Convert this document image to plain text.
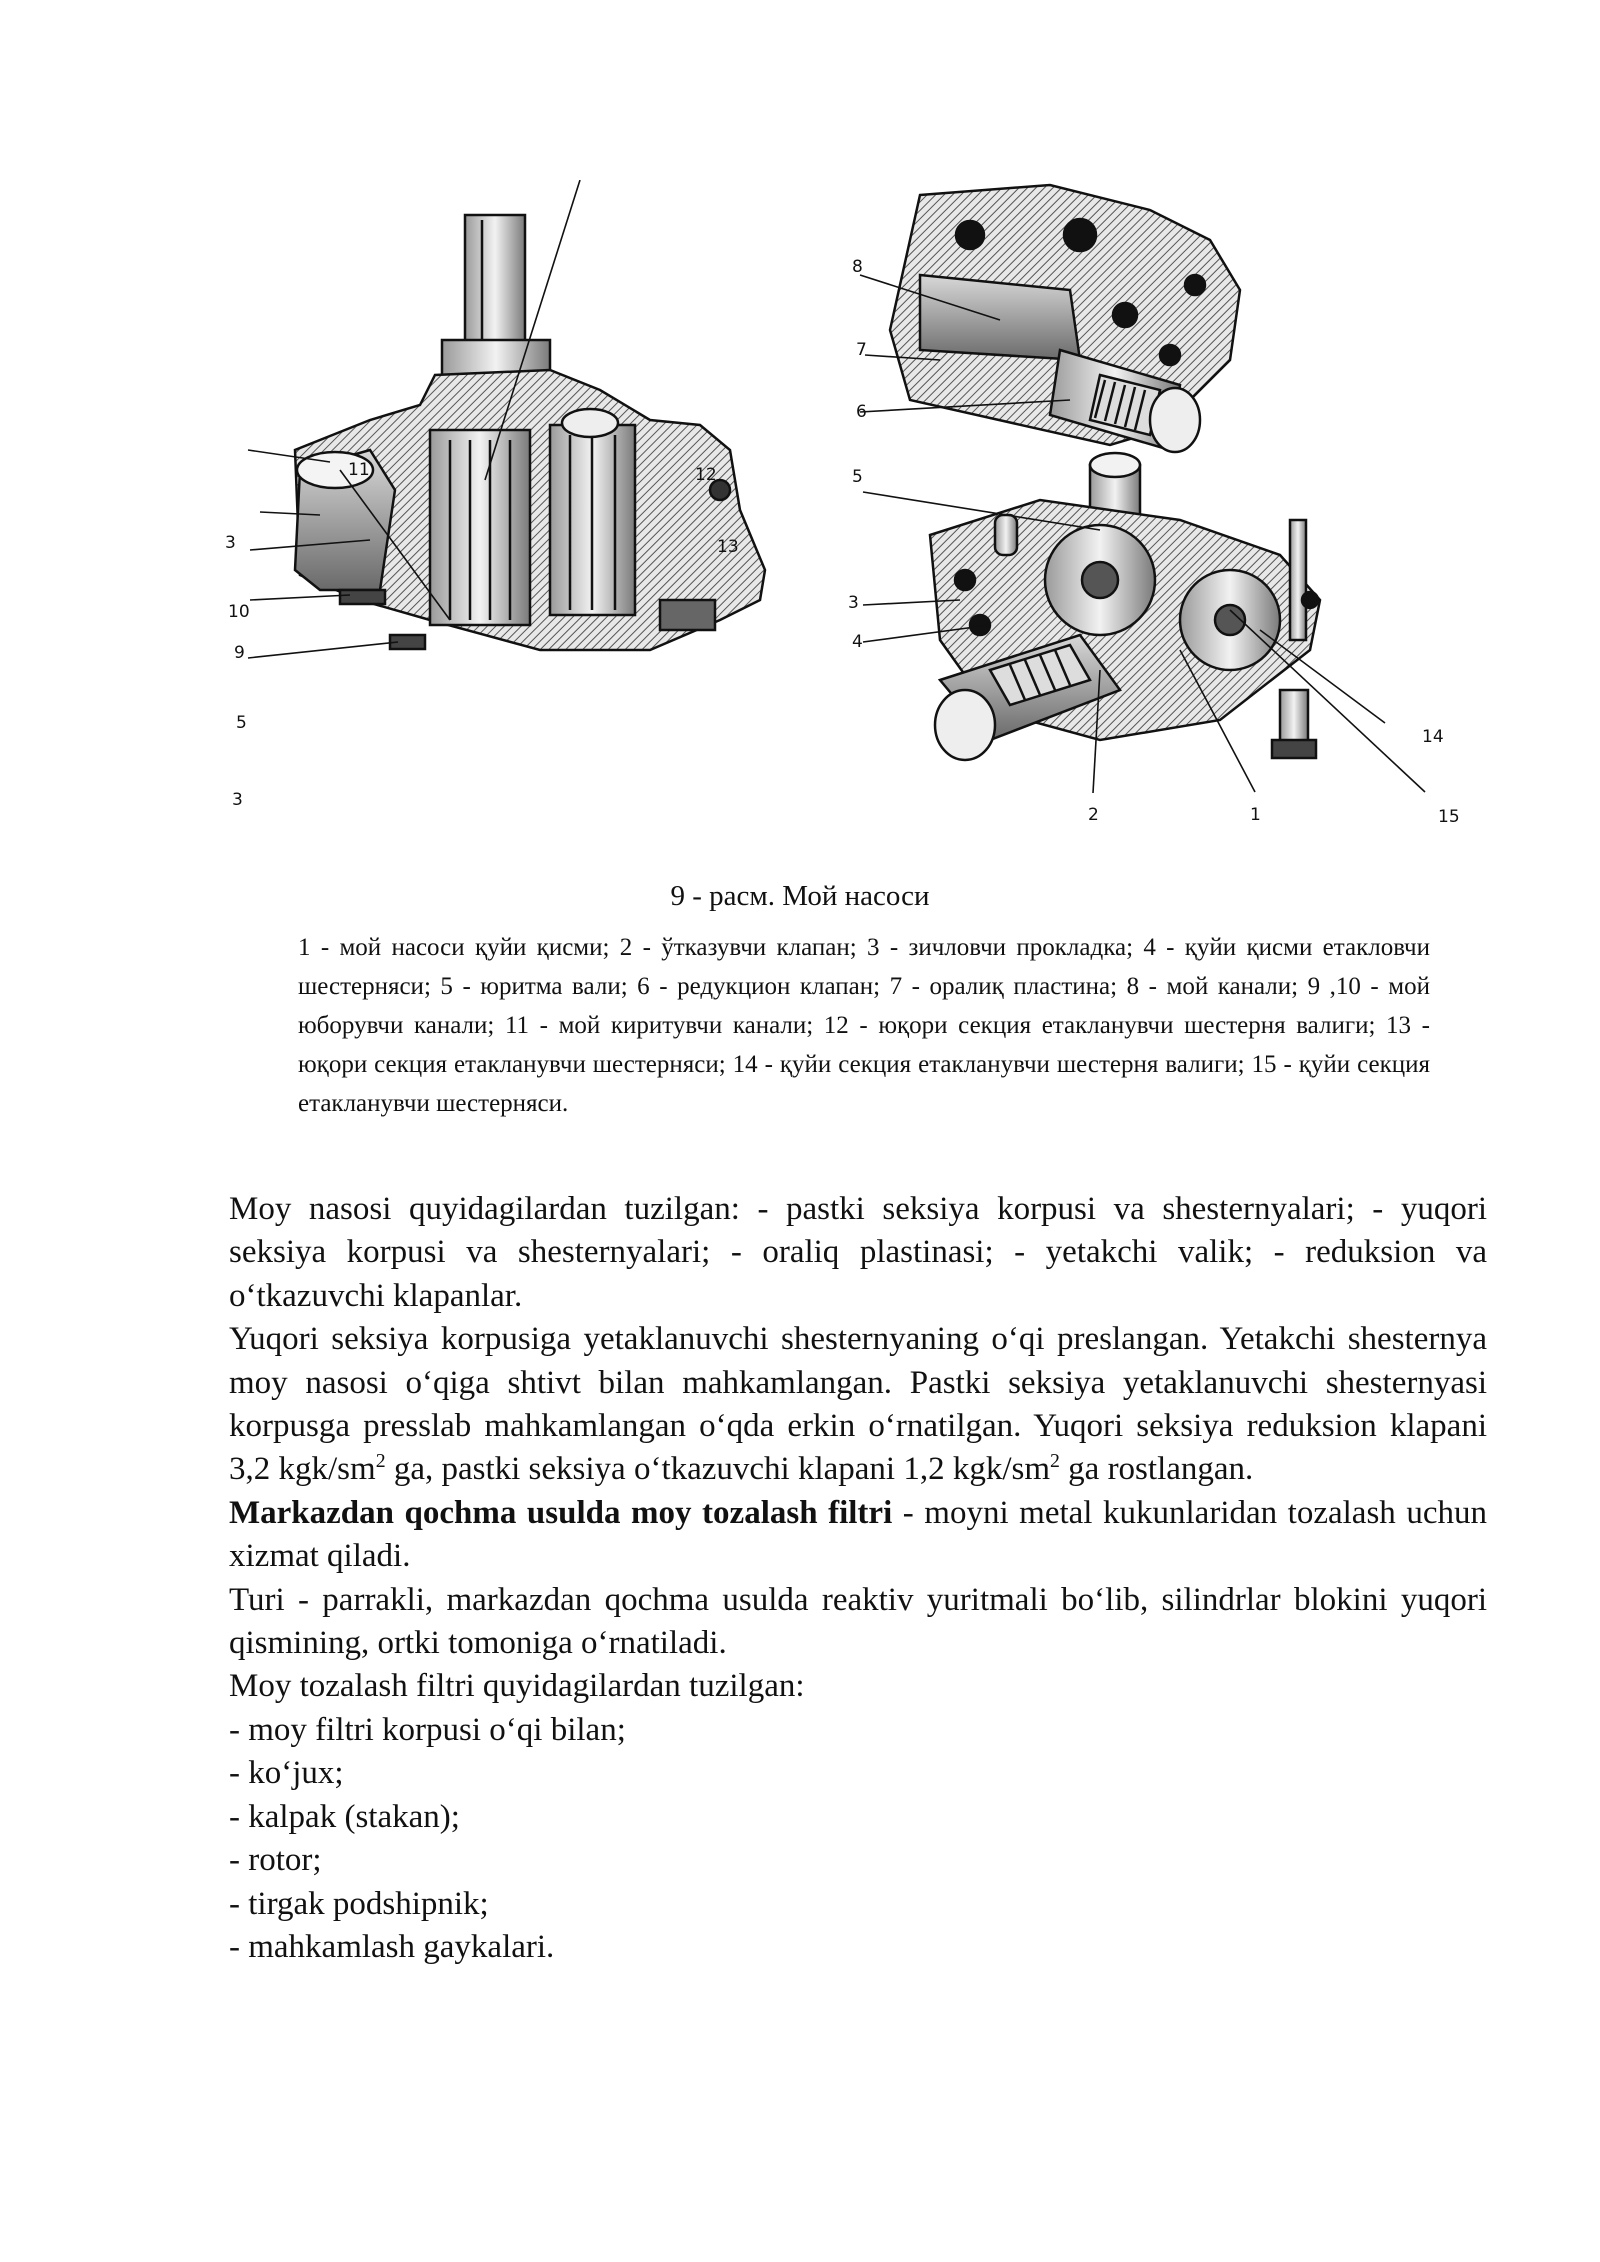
11	12
13
3
10
9
5
3
8
7
6
5
3
4
2	1
14
15
9 - расм. Мой насоси
1 - мой насоси қуйи қисми; 2 - ўтказувчи клапан; 3 - зичловчи прокладка; 4 - қуйи қисми етакловчи шестерняси; 5 - юритма вали; 6 - редукцион клапан; 7 - оралиқ пластина; 8 - мой канали; 9 ,10 - мой юборувчи канали; 11 - мой киритувчи канали; 12 - юқори секция етакланувчи шестерня валиги; 13 - юқори секция етакланувчи шестерняси; 14 - қуйи секция етакланувчи шестерня валиги; 15 - қуйи секция етакланувчи шестерняси.

Moy nasosi quyidagilardan tuzilgan: - pastki seksiya korpusi va shesternyalari; - yuqori seksiya korpusi va shesternyalari; - oraliq plastinasi; - yetakchi valik; - reduksion va oʻtkazuvchi klapanlar.

Yuqori seksiya korpusiga yetaklanuvchi shesternyaning oʻqi preslangan. Yetakchi shesternya moy nasosi oʻqiga shtivt bilan mahkamlangan. Pastki seksiya yetaklanuvchi shesternyasi korpusga presslab mahkamlangan oʻqda erkin oʻrnatilgan. Yuqori seksiya reduksion klapani 3,2 kgk/$sm^2$ ga, pastki seksiya oʻtkazuvchi klapani 1,2 kgk/$sm^2$ ga rostlangan.

Markazdan qochma usulda moy tozalash filtri - moyni metal kukunlaridan tozalash uchun xizmat qiladi.

Turi - parrakli, markazdan qochma usulda reaktiv yuritmali boʻlib, silindrlar blokini yuqori qismining, ortki tomoniga oʻrnatiladi.

Moy tozalash filtri quyidagilardan tuzilgan:

- moy filtri korpusi oʻqi bilan;

- koʻjux;

- kalpak (stakan);

- rotor;

- tirgak podshipnik;

- mahkamlash gaykalari.
